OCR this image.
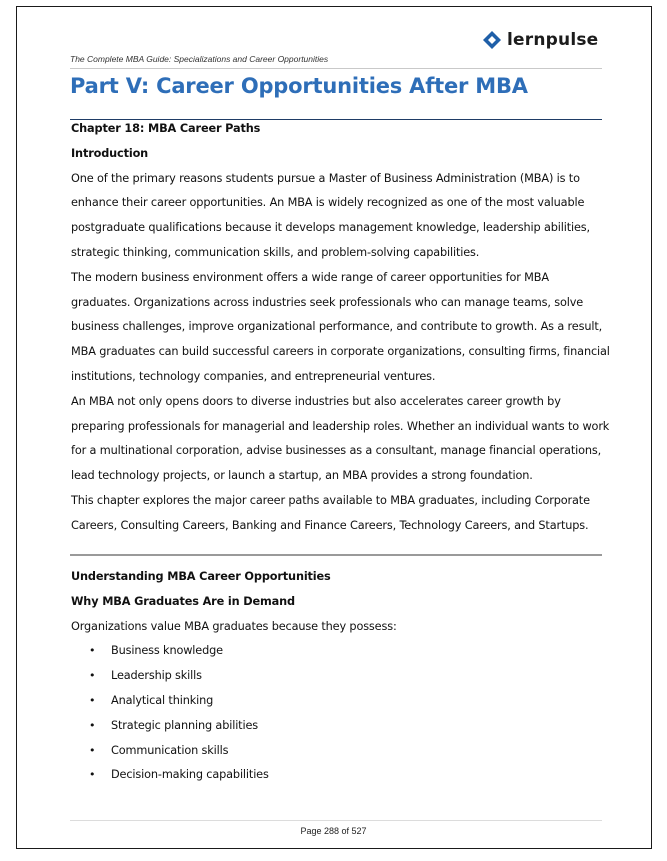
lernpulse
The Complete MBA Guide: Specializations and Career Opportunities
Part V: Career Opportunities After MBA

Chapter 18: MBA Career Paths

Introduction

One of the primary reasons students pursue a Master of Business Administration (MBA) is to enhance their career opportunities. An MBA is widely recognized as one of the most valuable postgraduate qualifications because it develops management knowledge, leadership abilities, strategic thinking, communication skills, and problem-solving capabilities.

The modern business environment offers a wide range of career opportunities for MBA graduates. Organizations across industries seek professionals who can manage teams, solve business challenges, improve organizational performance, and contribute to growth. As a result, MBA graduates can build successful careers in corporate organizations, consulting firms, financial institutions, technology companies, and entrepreneurial ventures.

An MBA not only opens doors to diverse industries but also accelerates career growth by preparing professionals for managerial and leadership roles. Whether an individual wants to work for a multinational corporation, advise businesses as a consultant, manage financial operations, lead technology projects, or launch a startup, an MBA provides a strong foundation.

This chapter explores the major career paths available to MBA graduates, including Corporate Careers, Consulting Careers, Banking and Finance Careers, Technology Careers, and Startups.

Understanding MBA Career Opportunities

Why MBA Graduates Are in Demand

Organizations value MBA graduates because they possess:

• Business knowledge
• Leadership skills
• Analytical thinking
• Strategic planning abilities
• Communication skills
• Decision-making capabilities
Page 288 of 527
